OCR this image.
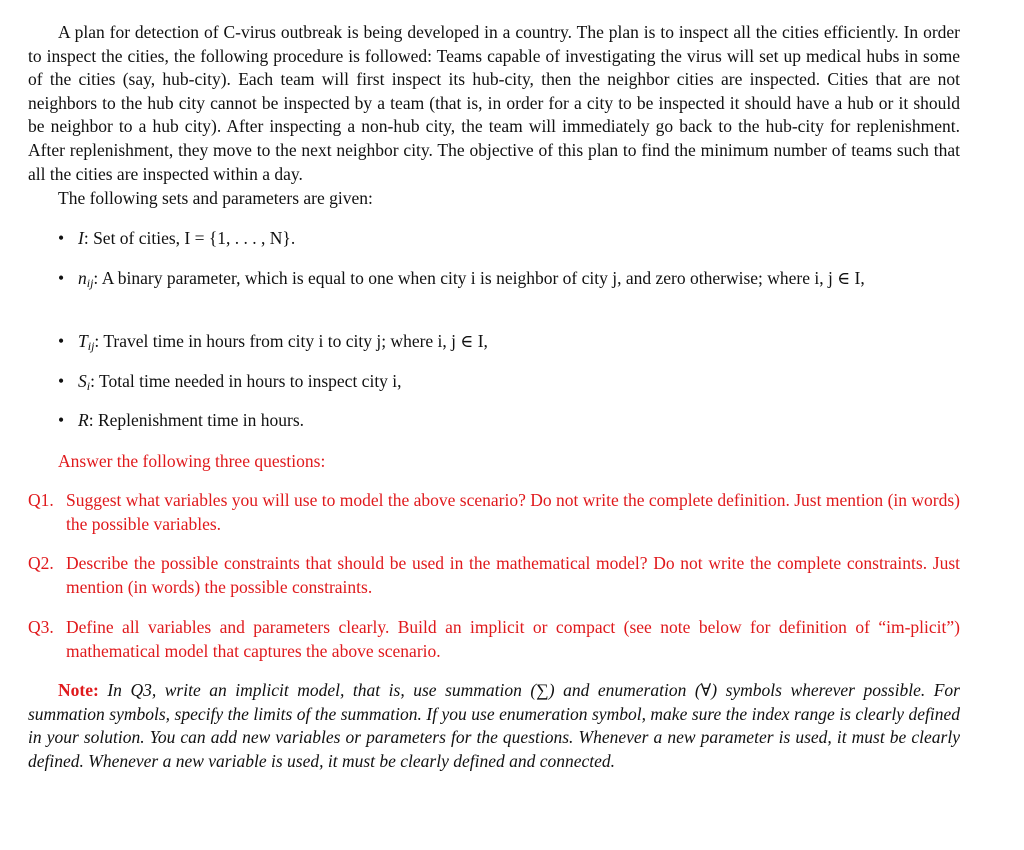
A plan for detection of C-virus outbreak is being developed in a country. The plan is to inspect all the cities efficiently. In order to inspect the cities, the following procedure is followed: Teams capable of investigating the virus will set up medical hubs in some of the cities (say, hub-city). Each team will first inspect its hub-city, then the neighbor cities are inspected. Cities that are not neighbors to the hub city cannot be inspected by a team (that is, in order for a city to be inspected it should have a hub or it should be neighbor to a hub city). After inspecting a non-hub city, the team will immediately go back to the hub-city for replenishment. After replenishment, they move to the next neighbor city. The objective of this plan to find the minimum number of teams such that all the cities are inspected within a day.
The following sets and parameters are given:
• I: Set of cities, I = {1, . . . , N}.
• $n_{ij}$: A binary parameter, which is equal to one when city i is neighbor of city j, and zero otherwise; where i, j ∈ I,
• $T_{ij}$: Travel time in hours from city i to city j; where i, j ∈ I,
• $S_i$: Total time needed in hours to inspect city i,
• R: Replenishment time in hours.
Answer the following three questions:
Q1. Suggest what variables you will use to model the above scenario? Do not write the complete definition. Just mention (in words) the possible variables.
Q2. Describe the possible constraints that should be used in the mathematical model? Do not write the complete constraints. Just mention (in words) the possible constraints.
Q3. Define all variables and parameters clearly. Build an implicit or compact (see note below for definition of “im-plicit”) mathematical model that captures the above scenario.
Note: In Q3, write an implicit model, that is, use summation (∑) and enumeration (∀) symbols wherever possible. For summation symbols, specify the limits of the summation. If you use enumeration symbol, make sure the index range is clearly defined in your solution. You can add new variables or parameters for the questions. Whenever a new parameter is used, it must be clearly defined. Whenever a new variable is used, it must be clearly defined and connected.
